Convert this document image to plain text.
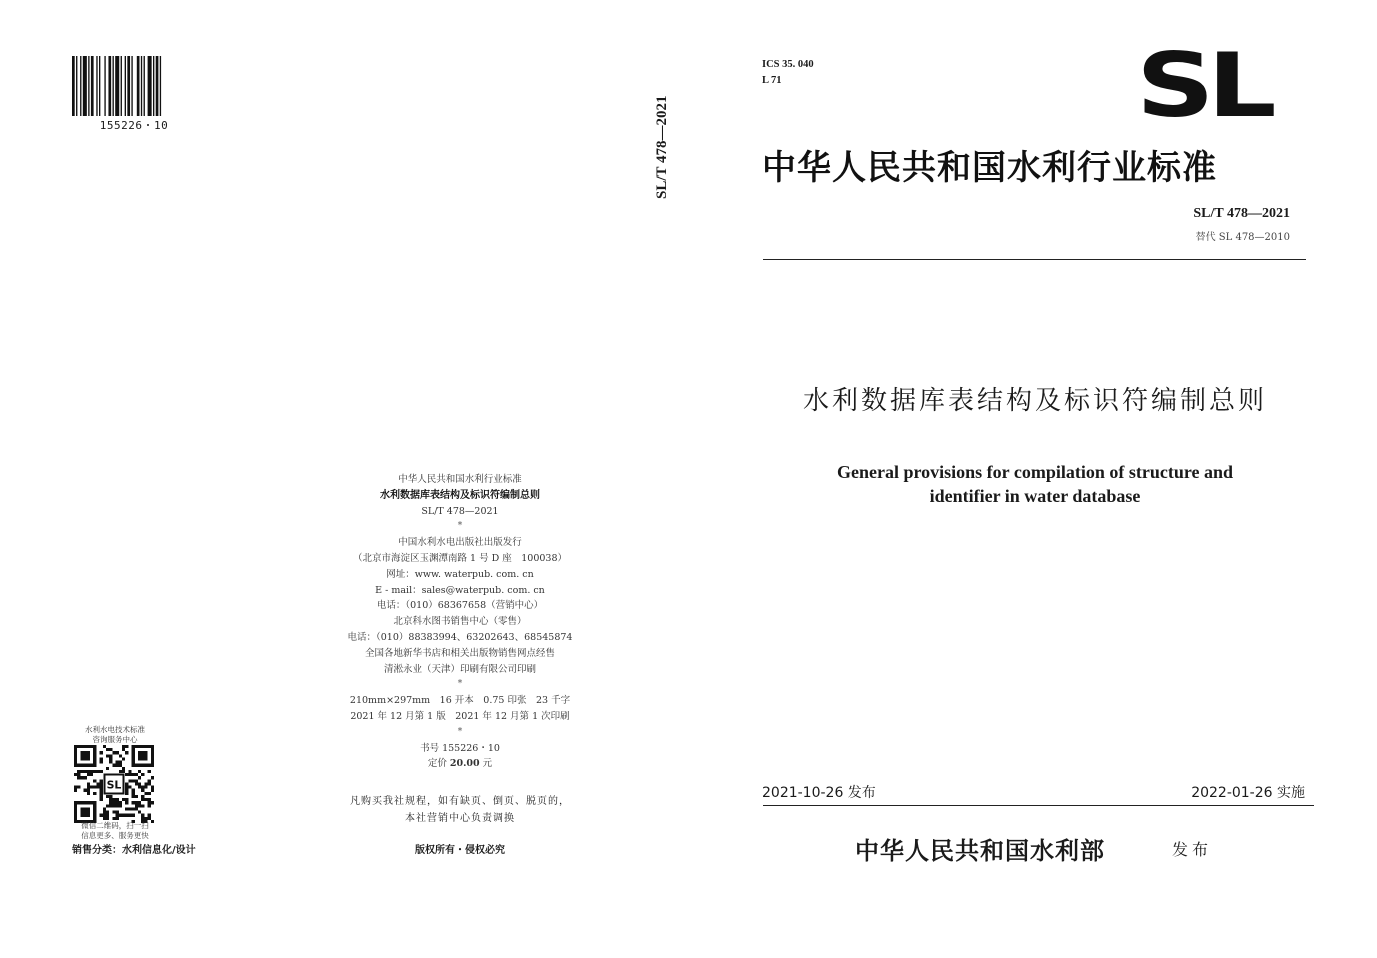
155226・10	SL/T 478—2021
中华人民共和国水利行业标准
水利数据库表结构及标识符编制总则
SL/T 478—2021
*
中国水利水电出版社出版发行
（北京市海淀区玉渊潭南路 1 号 D 座　100038）
网址：www. waterpub. com. cn
E - mail：sales@waterpub. com. cn
电话：（010）68367658（营销中心）
北京科水图书销售中心（零售）
电话：（010）88383994、63202643、68545874
全国各地新华书店和相关出版物销售网点经售
清淞永业（天津）印刷有限公司印刷
*
210mm×297mm　16 开本　0.75 印张　23 千字
2021 年 12 月第 1 版　2021 年 12 月第 1 次印刷
*
书号 155226・10
定价 20.00 元
凡购买我社规程，如有缺页、倒页、脱页的，
本社营销中心负责调换
版权所有・侵权必究
水利水电技术标准
咨询服务中心
SL
微信二维码，扫一扫
信息更多、服务更快
销售分类：水利信息化/设计
ICS 35. 040
L 71	SL
中华人民共和国水利行业标准
SL/T 478—2021
替代 SL 478—2010
水利数据库表结构及标识符编制总则
General provisions for compilation of structure and
identifier in water database
2021-10-26 发布	2022-01-26 实施
中华人民共和国水利部	发布
